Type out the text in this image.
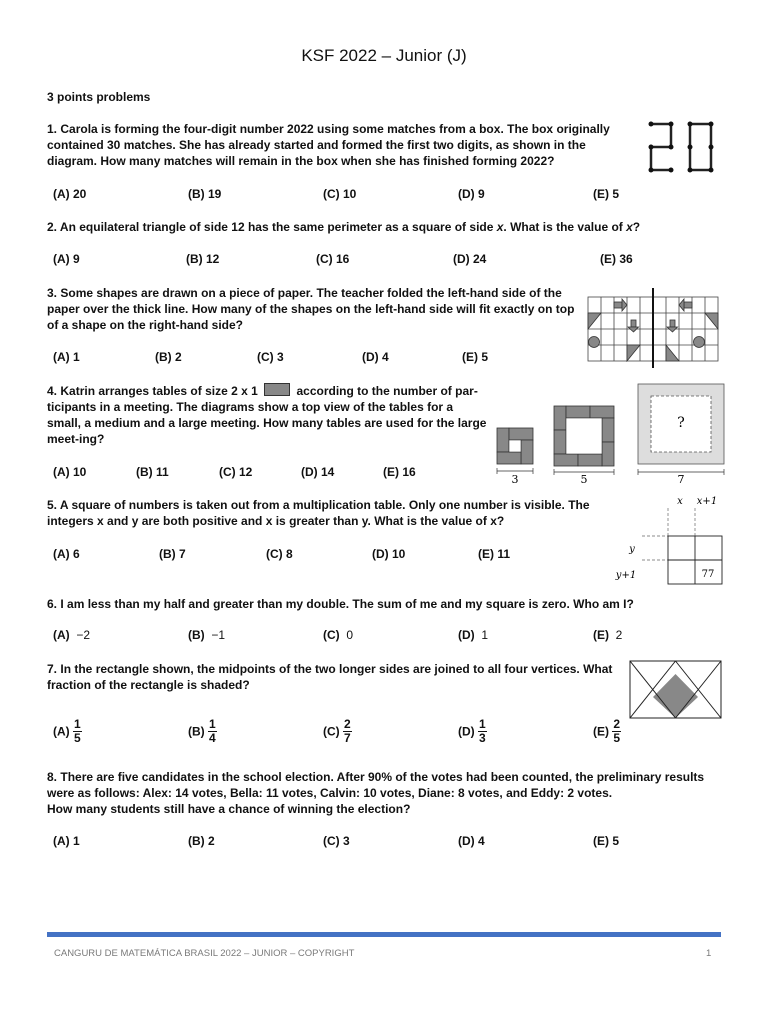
KSF 2022 – Junior (J)
3 points problems
1. Carola is forming the four-digit number 2022 using some matches from a box. The box originally contained 30 matches. She has already started and formed the first two digits, as shown in the diagram. How many matches will remain in the box when she has finished forming 2022?
(A) 20	(B) 19	(C) 10	(D) 9	(E) 5
2. An equilateral triangle of side 12 has the same perimeter as a square of side x. What is the value of x?
(A) 9	(B) 12	(C) 16	(D) 24	(E) 36
3. Some shapes are drawn on a piece of paper. The teacher folded the left-hand side of the paper over the thick line. How many of the shapes on the left-hand side will fit exactly on top of a shape on the right-hand side?
(A) 1	(B) 2	(C) 3	(D) 4	(E) 5
4. Katrin arranges tables of size 2 x 1	according to the number of par- ticipants in a meeting. The diagrams show a top view of the tables for a small, a medium and a large meeting. How many tables are used for the large meet-ing?
3	5
?
7
(A) 10	(B) 11	(C) 12	(D) 14	(E) 16
5. A square of numbers is taken out from a multiplication table. Only one number is visible. The integers x and y are both positive and x is greater than y. What is the value of x?
x x+1
y
y+1	77
(A) 6	(B) 7	(C) 8	(D) 10	(E) 11
6. I am less than my half and greater than my double. The sum of me and my square is zero. Who am I?
(A) −2	(B) −1	(C) 0	(D) 1	(E) 2
7. In the rectangle shown, the midpoints of the two longer sides are joined to all four vertices. What fraction of the rectangle is shaded?
$(A) \frac{1}{5}$	$(B) \frac{1}{4}$	$(C) \frac{2}{7}$	$(D) \frac{1}{3}$	$(E) \frac{2}{5}$
8. There are five candidates in the school election. After 90% of the votes had been counted, the preliminary results were as follows: Alex: 14 votes, Bella: 11 votes, Calvin: 10 votes, Diane: 8 votes, and Eddy: 2 votes.
How many students still have a chance of winning the election?
(A) 1	(B) 2	(C) 3	(D) 4	(E) 5
CANGURU DE MATEMÁTICA BRASIL 2022 – JUNIOR – COPYRIGHT	1
